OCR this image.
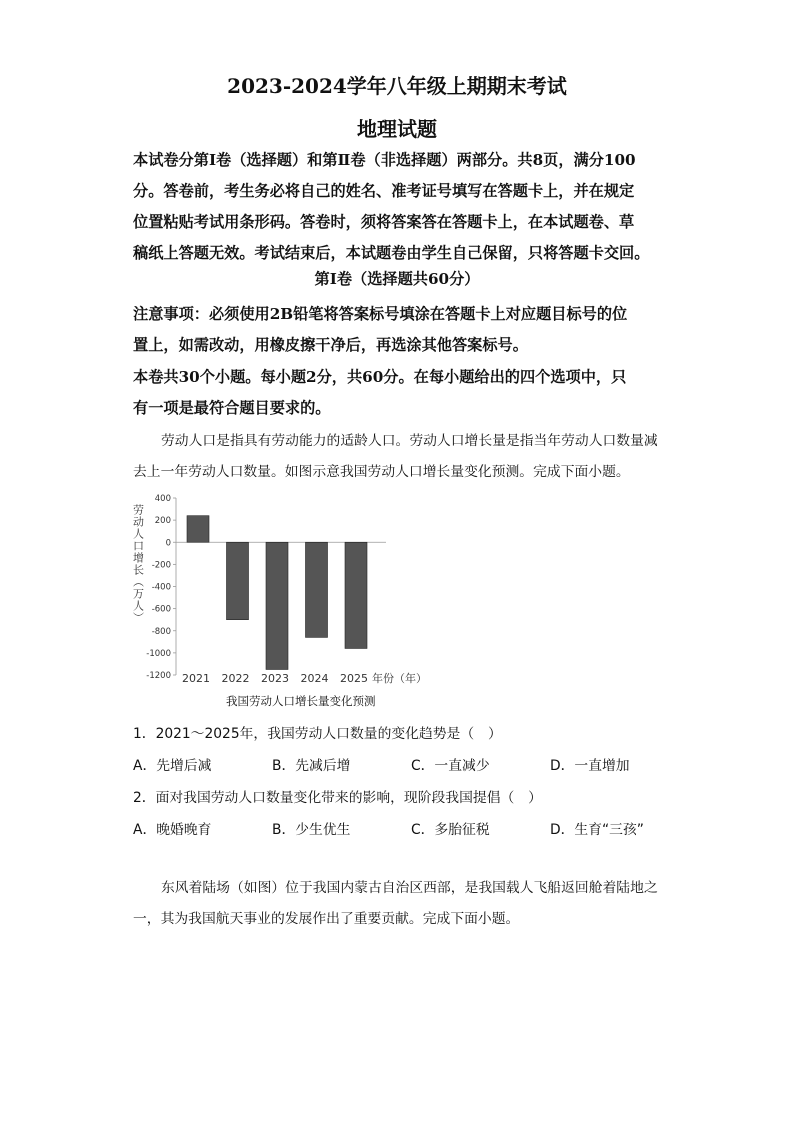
2023-2024学年八年级上期期末考试
地理试题
本试卷分第Ⅰ卷（选择题）和第Ⅱ卷（非选择题）两部分。共8页，满分100
分。答卷前，考生务必将自己的姓名、准考证号填写在答题卡上，并在规定
位置粘贴考试用条形码。答卷时，须将答案答在答题卡上，在本试题卷、草
稿纸上答题无效。考试结束后，本试题卷由学生自己保留，只将答题卡交回。
第Ⅰ卷（选择题共60分）
注意事项：必须使用2B铅笔将答案标号填涂在答题卡上对应题目标号的位
置上，如需改动，用橡皮擦干净后，再选涂其他答案标号。
本卷共30个小题。每小题2分，共60分。在每小题给出的四个选项中，只
有一项是最符合题目要求的。
劳动人口是指具有劳动能力的适龄人口。劳动人口增长量是指当年劳动人口数量减
去上一年劳动人口数量。如图示意我国劳动人口增长量变化预测。完成下面小题。
400
200
0
-200
-400
-600
-800
-1000
-1200
劳动人口增长（万人）
2021 2022 2023 2024 2025 年份（年）
我国劳动人口增长量变化预测
1．2021～2025年，我国劳动人口数量的变化趋势是（　）
A．先增后减	B．先减后增	C．一直减少	D．一直增加
2．面对我国劳动人口数量变化带来的影响，现阶段我国提倡（　）
A．晚婚晚育	B．少生优生	C．多胎征税	D．生育“三孩”
东风着陆场（如图）位于我国内蒙古自治区西部，是我国载人飞船返回舱着陆地之
一，其为我国航天事业的发展作出了重要贡献。完成下面小题。
